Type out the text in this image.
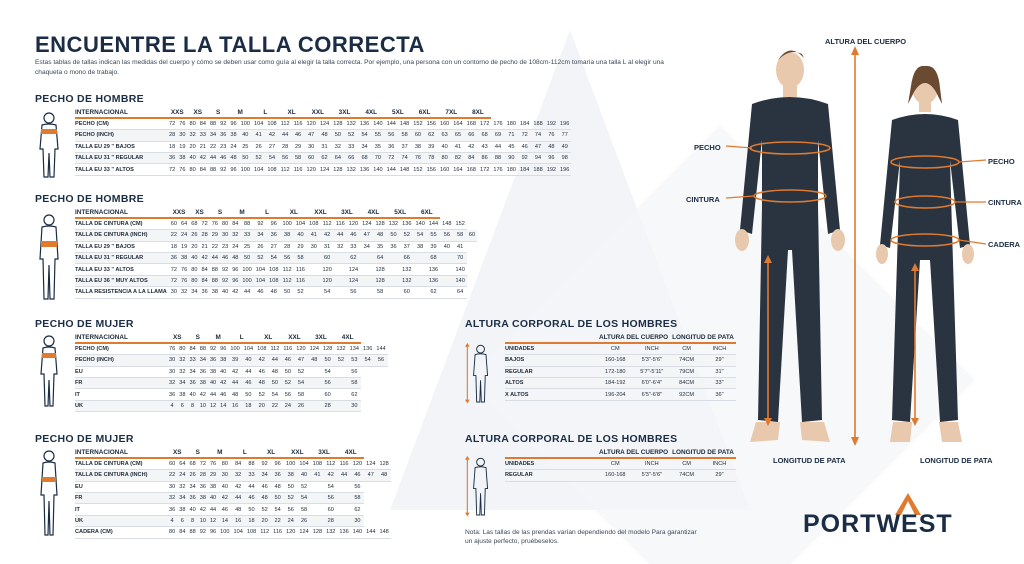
ENCUENTRE LA TALLA CORRECTA

Estas tablas de tallas indican las medidas del cuerpo y cómo se deben usar como guía al elegir la talla correcta. Por ejemplo, una persona con un contorno de pecho de 108cm-112cm tomaría una talla L al elegir una chaqueta o mono de trabajo.

PECHO DE HOMBRE
INTERNACIONAL	XXS		XS		S		M		L		XL		XXL		3XL		4XL		5XL		6XL		7XL		8XL							
PECHO (CM)	72	76	80	84	88	92	96	100	104	108	112	116	120	124	128	132	136	140	144	148	152	156	160	164	168	172	176	180	184	188	192	196
PECHO (INCH)	28	30	32	33	34	36	38	40	41	42	44	46	47	48	50	52	54	55	56	58	60	62	63	65	66	68	69	71	72	74	76	77
TALLA EU 29 " BAJOS	18	19	20	21	22	23	24	25	26	27	28	29	30	31	32	33	34	35	36	37	38	39	40	41	42	43	44	45	46	47	48	49
TALLA EU 31 " REGULAR	36	38	40	42	44	46	48	50	52	54	56	58	60	62	64	66	68	70	72	74	76	78	80	82	84	86	88	90	92	94	96	98
TALLA EU 33 " ALTOS	72	76	80	84	88	92	96	100	104	108	112	116	120	124	128	132	136	140	144	148	152	156	160	164	168	172	176	180	184	188	192	196
PECHO DE HOMBRE
INTERNACIONAL	XXS		XS		S		M		L		XL		XXL		3XL		4XL		5XL		6XL				
TALLA DE CINTURA (CM)	60	64	68	72	76	80	84	88	92	96	100	104	108	112	116	120	124	128	132	136	140	144	148	152	
TALLA DE CINTURA (INCH)	22	24	26	28	29	30	32	33	34	36	38	40	41	42	44	46	47	48	50	52	54	55	56	58	60
TALLA EU 29 " BAJOS	18	19	20	21	22	23	24	25	26	27	28	29	30	31	32	33	34	35	36	37	38	39	40	41	
TALLA EU 31 " REGULAR	36	38	40	42	44	46	48	50	52	54	56	58		60		62		64		66		68		70	
TALLA EU 33 " ALTOS	72	76	80	84	88	92	96	100	104	108	112	116		120		124		128		132		136		140	
TALLA EU 36 " MUY ALTOS	72	76	80	84	88	92	96	100	104	108	112	116		120		124		128		132		136		140	
TALLA RESISTENCIA A LA LLAMA	30	32	34	36	38	40	42	44	46	48	50	52		54		56		58		60		62		64	
PECHO DE MUJER
INTERNACIONAL	XS		S		M		L		XL		XXL		3XL		4XL			
PECHO (CM)	76	80	84	88	92	96	100	104	108	112	116	120	124	128	132	134	136	144
PECHO (INCH)	30	32	33	34	36	38	39	40	42	44	46	47	48	50	52	53	54	56
EU	30	32	34	36	38	40	42	44	46	48	50	52		54		56		
FR	32	34	36	38	40	42	44	46	48	50	52	54		56		58		
IT	36	38	40	42	44	46	48	50	52	54	56	58		60		62		
UK	4	6	8	10	12	14	16	18	20	22	24	26		28		30		
PECHO DE MUJER
INTERNACIONAL	XS		S		M		L		XL		XXL		3XL		4XL			
TALLA DE CINTURA (CM)	60	64	68	72	76	80	84	88	92	96	100	104	108	112	116	120	124	128
TALLA DE CINTURA (INCH)	22	24	26	28	29	30	32	33	34	36	38	40	41	42	44	46	47	48
EU	30	32	34	36	38	40	42	44	46	48	50	52		54		56		
FR	32	34	36	38	40	42	44	46	48	50	52	54		56		58		
IT	36	38	40	42	44	46	48	50	52	54	56	58		60		62		
UK	4	6	8	10	12	14	16	18	20	22	24	26		28		30		
CADERA (CM)	80	84	88	92	96	100	104	108	112	116	120	124	128	132	136	140	144	148
ALTURA CORPORAL DE LOS HOMBRES
	ALTURA DEL CUERPO		LONGITUD DE PATA	
UNIDADES	CM	INCH	CM	INCH
BAJOS	160-168	5'3"-5'6"	74CM	29"
REGULAR	172-180	5'7"-5'11"	79CM	31"
ALTOS	184-192	6'0"-6'4"	84CM	33"
X ALTOS	196-204	6'5"-6'8"	92CM	36"
ALTURA CORPORAL DE LOS HOMBRES
	ALTURA DEL CUERPO		LONGITUD DE PATA	
UNIDADES	CM	INCH	CM	INCH
REGULAR	160-168	5'3"-5'6"	74CM	29"

Nota: Las tallas de las prendas varían dependiendo del modelo Para garantizar un ajuste perfecto, pruébeselos.

ALTURA DEL CUERPO
PECHO
CINTURA
PECHO
CINTURA
CADERA
LONGITUD DE PATA	LONGITUD DE PATA
PORTWEST
